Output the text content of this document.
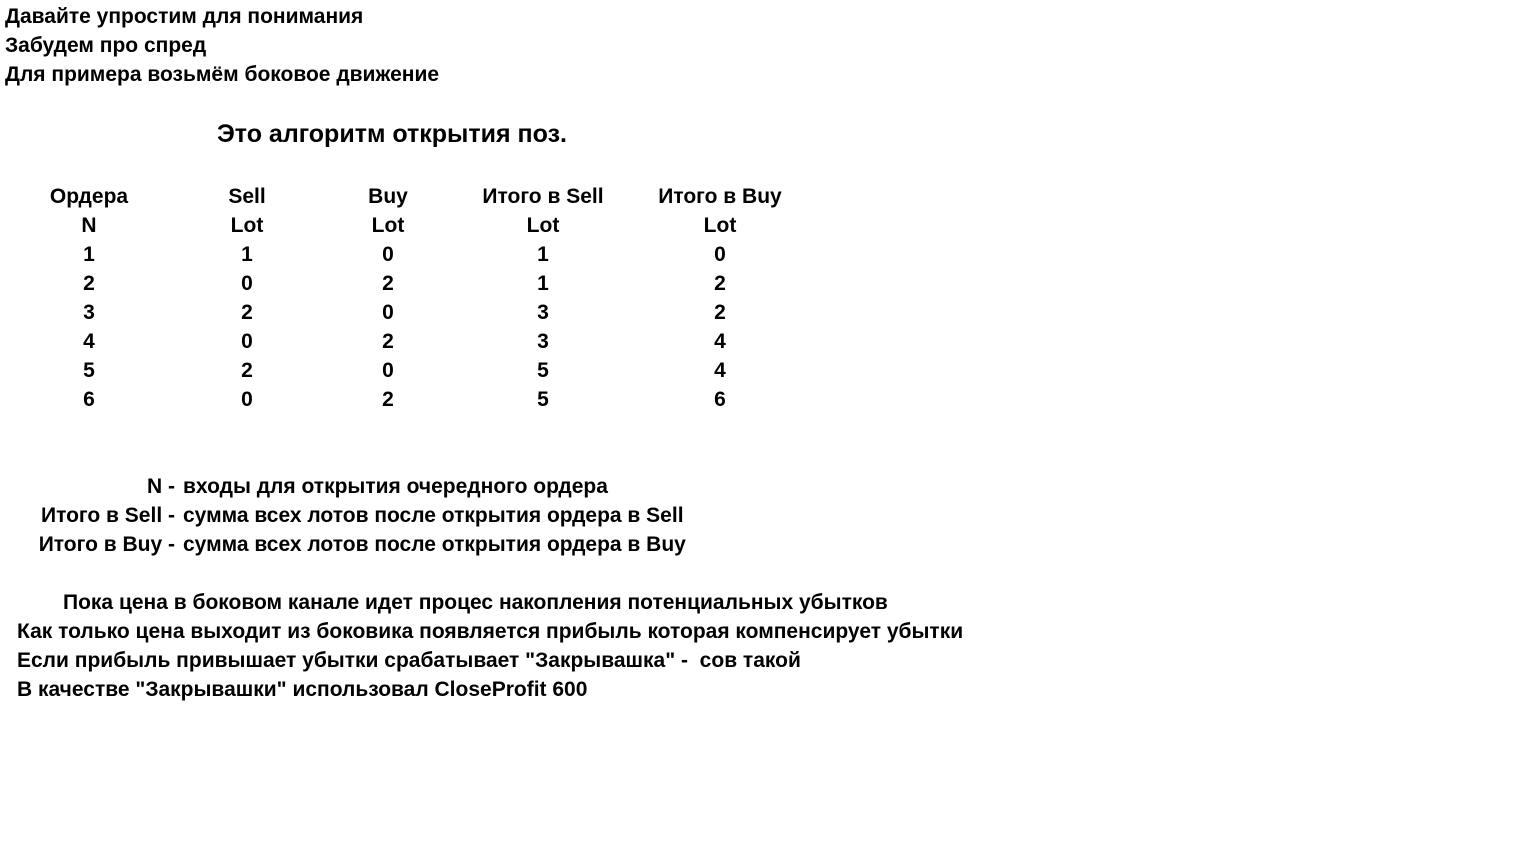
Давайте упростим для понимания
Забудем про спред
Для примера возьмём боковое движение
Это алгоритм открытия поз.
Ордера	Sell	Buy	Итого в Sell	Итого в Buy
N	Lot	Lot	Lot	Lot
1	1	0	1	0
2	0	2	1	2
3	2	0	3	2
4	0	2	3	4
5	2	0	5	4
6	0	2	5	6
N - входы для открытия очередного ордера
Итого в Sell - сумма всех лотов после открытия ордера в Sell
Итого в Buy - сумма всех лотов после открытия ордера в Buy
Пока цена в боковом канале идет процес накопления потенциальных убытков
Как только цена выходит из боковика появляется прибыль которая компенсирует убытки
Если прибыль привышает убытки срабатывает "Закрывашка" -  сов такой
В качестве "Закрывашки" использовал CloseProfit 600
